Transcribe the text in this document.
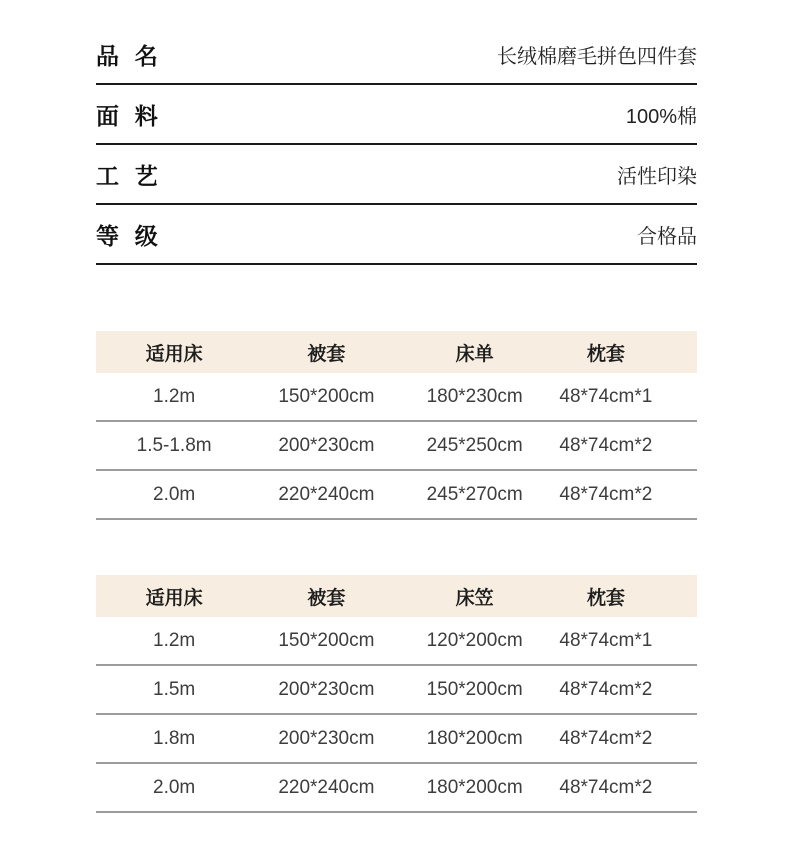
品  名	长绒棉磨毛拼色四件套
面  料	100%棉
工  艺	活性印染
等  级	合格品
适用床	被套	床单	枕套
1.2m	150*200cm	180*230cm	48*74cm*1
1.5-1.8m	200*230cm	245*250cm	48*74cm*2
2.0m	220*240cm	245*270cm	48*74cm*2
适用床	被套	床笠	枕套
1.2m	150*200cm	120*200cm	48*74cm*1
1.5m	200*230cm	150*200cm	48*74cm*2
1.8m	200*230cm	180*200cm	48*74cm*2
2.0m	220*240cm	180*200cm	48*74cm*2
